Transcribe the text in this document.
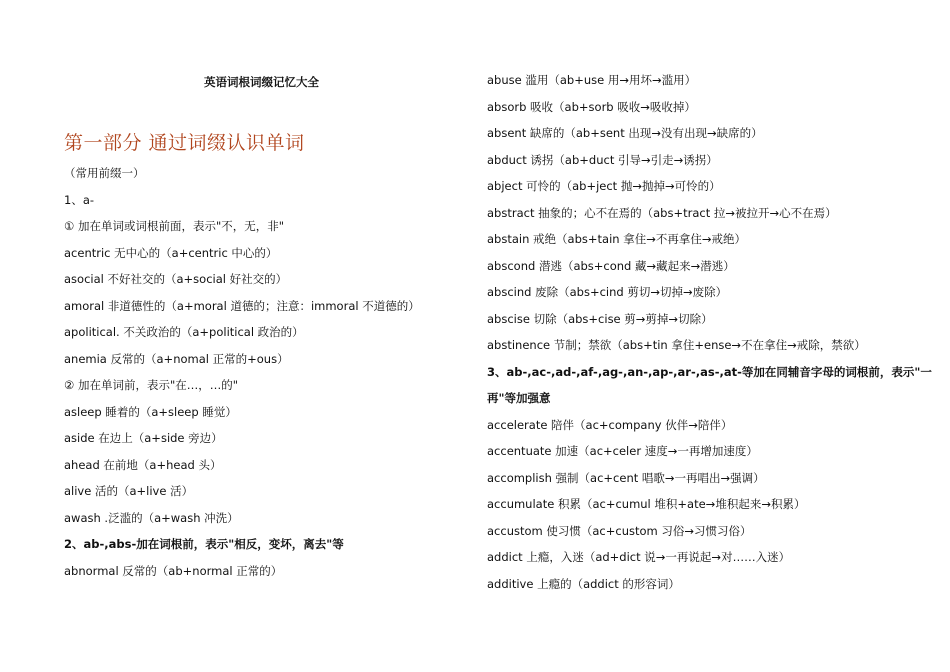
英语词根词缀记忆大全
第一部分 通过词缀认识单词
（常用前缀一）
1、a-
① 加在单词或词根前面，表示"不，无，非"
acentric 无中心的（a+centric 中心的）
asocial 不好社交的（a+social 好社交的）
amoral 非道德性的（a+moral 道德的；注意：immoral 不道德的）
apolitical. 不关政治的（a+political 政治的）
anemia 反常的（a+nomal 正常的+ous）
② 加在单词前，表示"在…，…的"
asleep 睡着的（a+sleep 睡觉）
aside 在边上（a+side 旁边）
ahead 在前地（a+head 头）
alive 活的（a+live 活）
awash .泛滥的（a+wash 冲洗）
2、ab-,abs-加在词根前，表示"相反，变坏，离去"等
abnormal 反常的（ab+normal 正常的）
abuse 滥用（ab+use 用→用坏→滥用）
absorb 吸收（ab+sorb 吸收→吸收掉）
absent 缺席的（ab+sent 出现→没有出现→缺席的）
abduct 诱拐（ab+duct 引导→引走→诱拐）
abject 可怜的（ab+ject 抛→抛掉→可怜的）
abstract 抽象的；心不在焉的（abs+tract 拉→被拉开→心不在焉）
abstain 戒绝（abs+tain 拿住→不再拿住→戒绝）
abscond 潜逃（abs+cond 藏→藏起来→潜逃）
abscind 废除（abs+cind 剪切→切掉→废除）
abscise 切除（abs+cise 剪→剪掉→切除）
abstinence 节制；禁欲（abs+tin 拿住+ense→不在拿住→戒除，禁欲）
3、ab-,ac-,ad-,af-,ag-,an-,ap-,ar-,as-,at-等加在同辅音字母的词根前，表示"一
再"等加强意
accelerate 陪伴（ac+company 伙伴→陪伴）
accentuate 加速（ac+celer 速度→一再增加速度）
accomplish 强制（ac+cent 唱歌→一再唱出→强调）
accumulate 积累（ac+cumul 堆积+ate→堆积起来→积累）
accustom 使习惯（ac+custom 习俗→习惯习俗）
addict 上瘾，入迷（ad+dict 说→一再说起→对……入迷）
additive 上瘾的（addict 的形容词）
